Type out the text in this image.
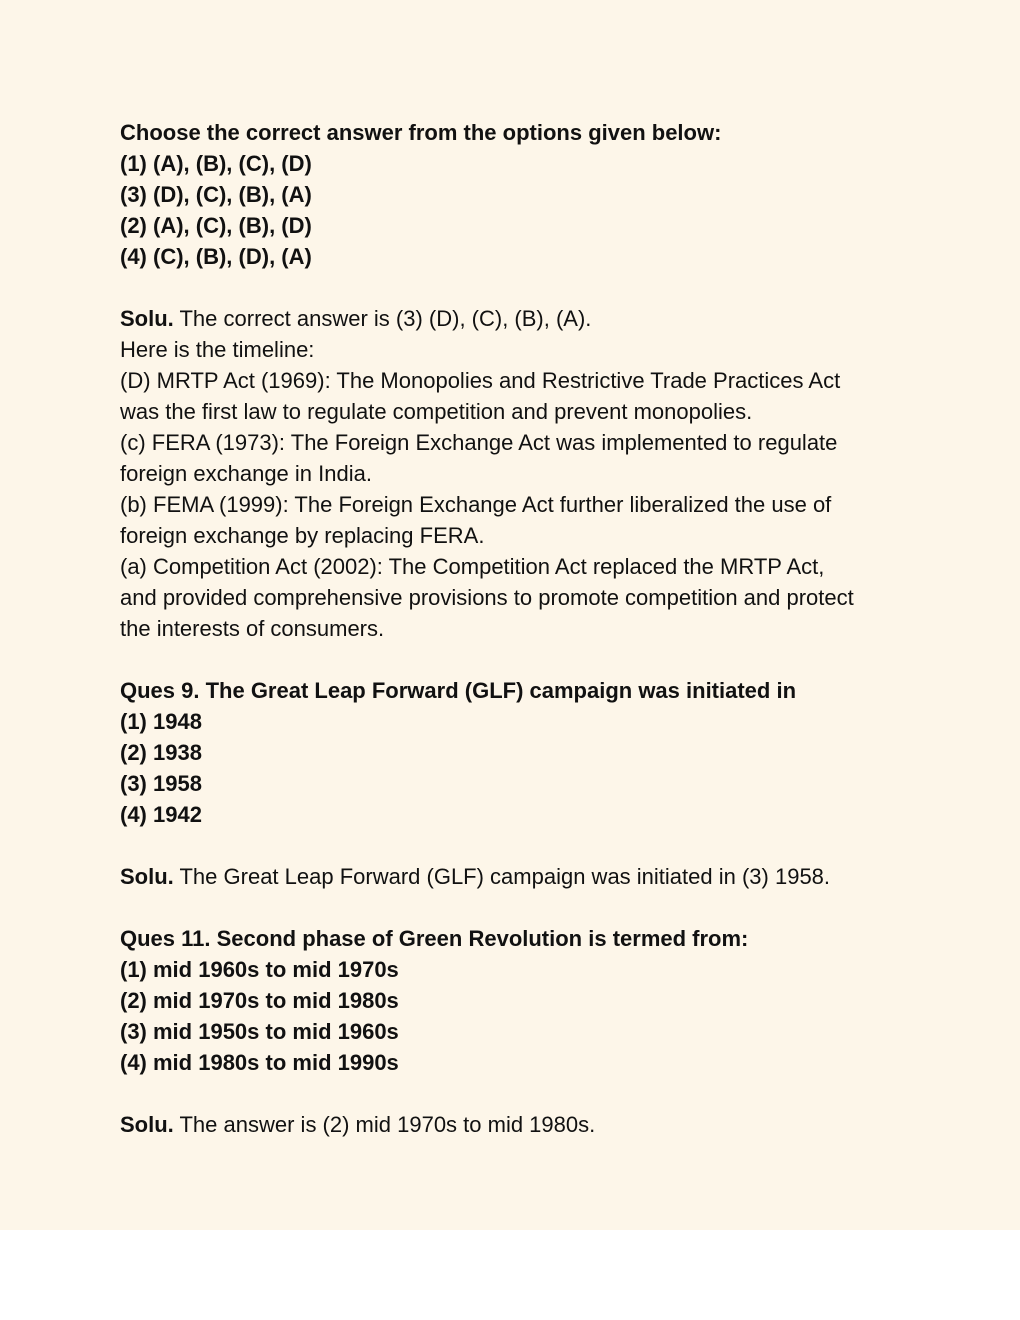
Choose the correct answer from the options given below:
(1) (A), (B), (C), (D)
(3) (D), (C), (B), (A)
(2) (A), (C), (B), (D)
(4) (C), (B), (D), (A)
Solu. The correct answer is (3) (D), (C), (B), (A).
Here is the timeline:
(D) MRTP Act (1969): The Monopolies and Restrictive Trade Practices Act
was the first law to regulate competition and prevent monopolies.
(c) FERA (1973): The Foreign Exchange Act was implemented to regulate
foreign exchange in India.
(b) FEMA (1999): The Foreign Exchange Act further liberalized the use of
foreign exchange by replacing FERA.
(a) Competition Act (2002): The Competition Act replaced the MRTP Act,
and provided comprehensive provisions to promote competition and protect
the interests of consumers.
Ques 9. The Great Leap Forward (GLF) campaign was initiated in
(1) 1948
(2) 1938
(3) 1958
(4) 1942
Solu. The Great Leap Forward (GLF) campaign was initiated in (3) 1958.
Ques 11. Second phase of Green Revolution is termed from:
(1) mid 1960s to mid 1970s
(2) mid 1970s to mid 1980s
(3) mid 1950s to mid 1960s
(4) mid 1980s to mid 1990s
Solu. The answer is (2) mid 1970s to mid 1980s.
